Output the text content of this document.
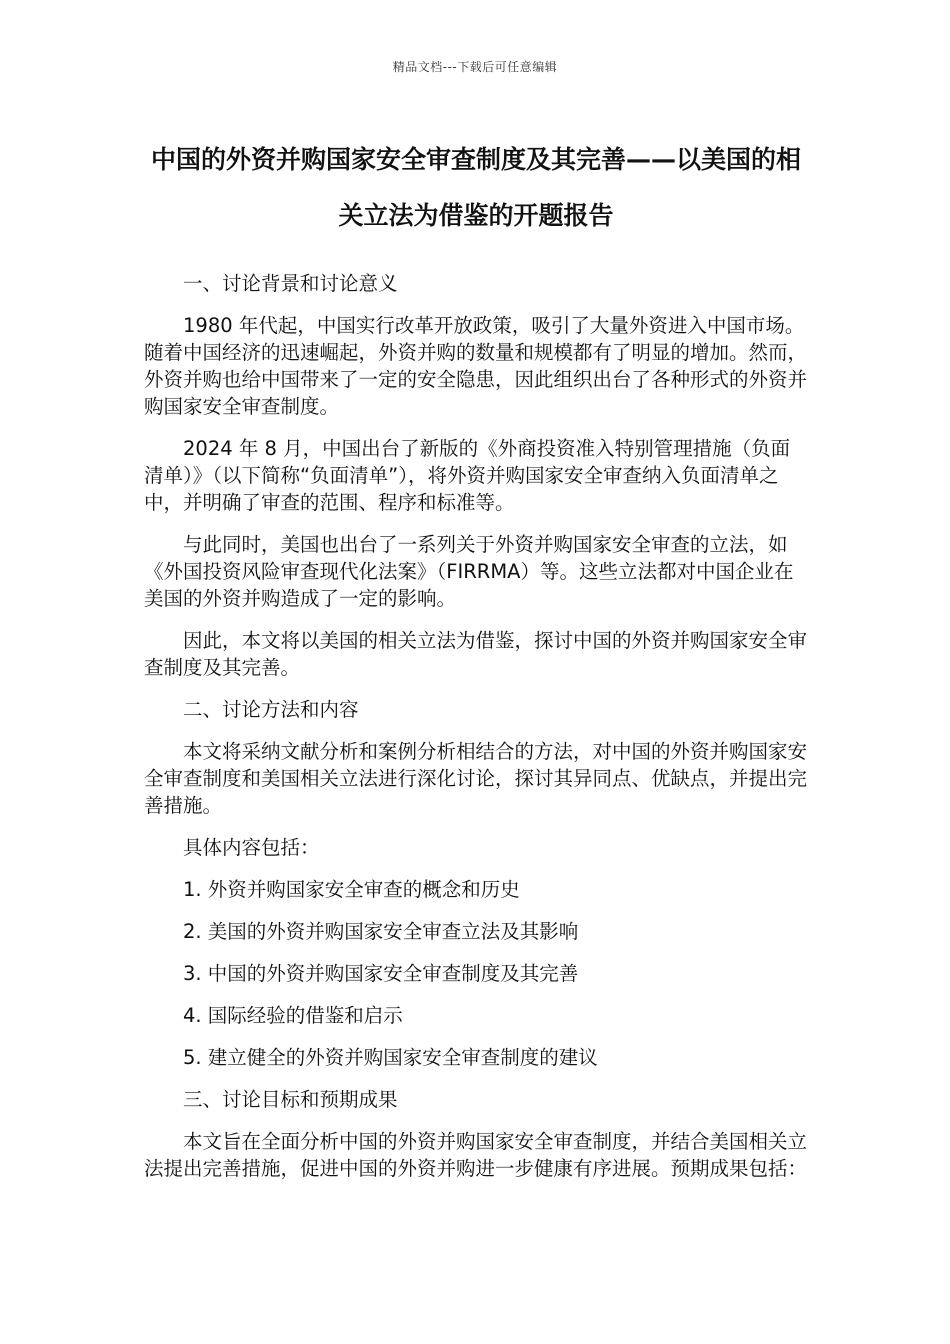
精品文档---下载后可任意编辑
中国的外资并购国家安全审查制度及其完善——以美国的相关立法为借鉴的开题报告

一、讨论背景和讨论意义

1980 年代起，中国实行改革开放政策，吸引了大量外资进入中国市场。随着中国经济的迅速崛起，外资并购的数量和规模都有了明显的增加。然而，外资并购也给中国带来了一定的安全隐患，因此组织出台了各种形式的外资并购国家安全审查制度。

2024 年 8 月，中国出台了新版的《外商投资准入特别管理措施（负面清单）》（以下简称“负面清单”），将外资并购国家安全审查纳入负面清单之中，并明确了审查的范围、程序和标准等。

与此同时，美国也出台了一系列关于外资并购国家安全审查的立法，如《外国投资风险审查现代化法案》（FIRRMA）等。这些立法都对中国企业在美国的外资并购造成了一定的影响。

因此，本文将以美国的相关立法为借鉴，探讨中国的外资并购国家安全审查制度及其完善。

二、讨论方法和内容

本文将采纳文献分析和案例分析相结合的方法，对中国的外资并购国家安全审查制度和美国相关立法进行深化讨论，探讨其异同点、优缺点，并提出完善措施。

具体内容包括：

1. 外资并购国家安全审查的概念和历史

2. 美国的外资并购国家安全审查立法及其影响

3. 中国的外资并购国家安全审查制度及其完善

4. 国际经验的借鉴和启示

5. 建立健全的外资并购国家安全审查制度的建议

三、讨论目标和预期成果

本文旨在全面分析中国的外资并购国家安全审查制度，并结合美国相关立法提出完善措施，促进中国的外资并购进一步健康有序进展。预期成果包括：
